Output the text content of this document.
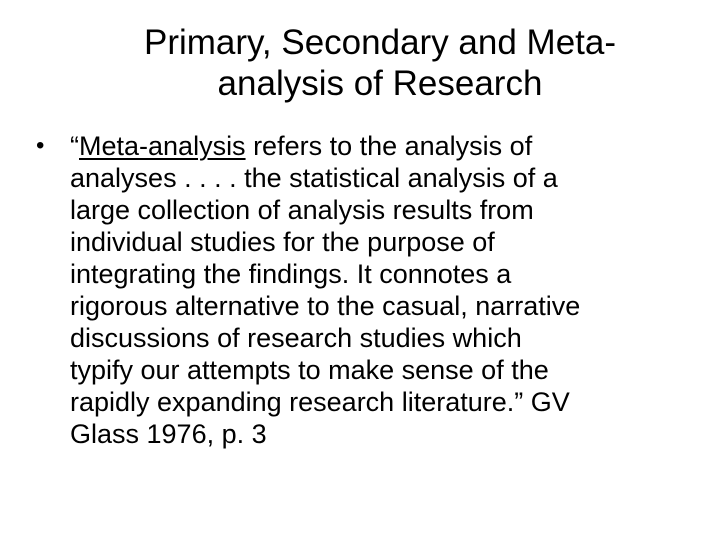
Primary, Secondary and Meta-
analysis of Research
• “Meta-analysis refers to the analysis of
analyses . . . . the statistical analysis of a
large collection of analysis results from
individual studies for the purpose of
integrating the findings. It connotes a
rigorous alternative to the casual, narrative
discussions of research studies which
typify our attempts to make sense of the
rapidly expanding research literature.” GV
Glass 1976, p. 3
